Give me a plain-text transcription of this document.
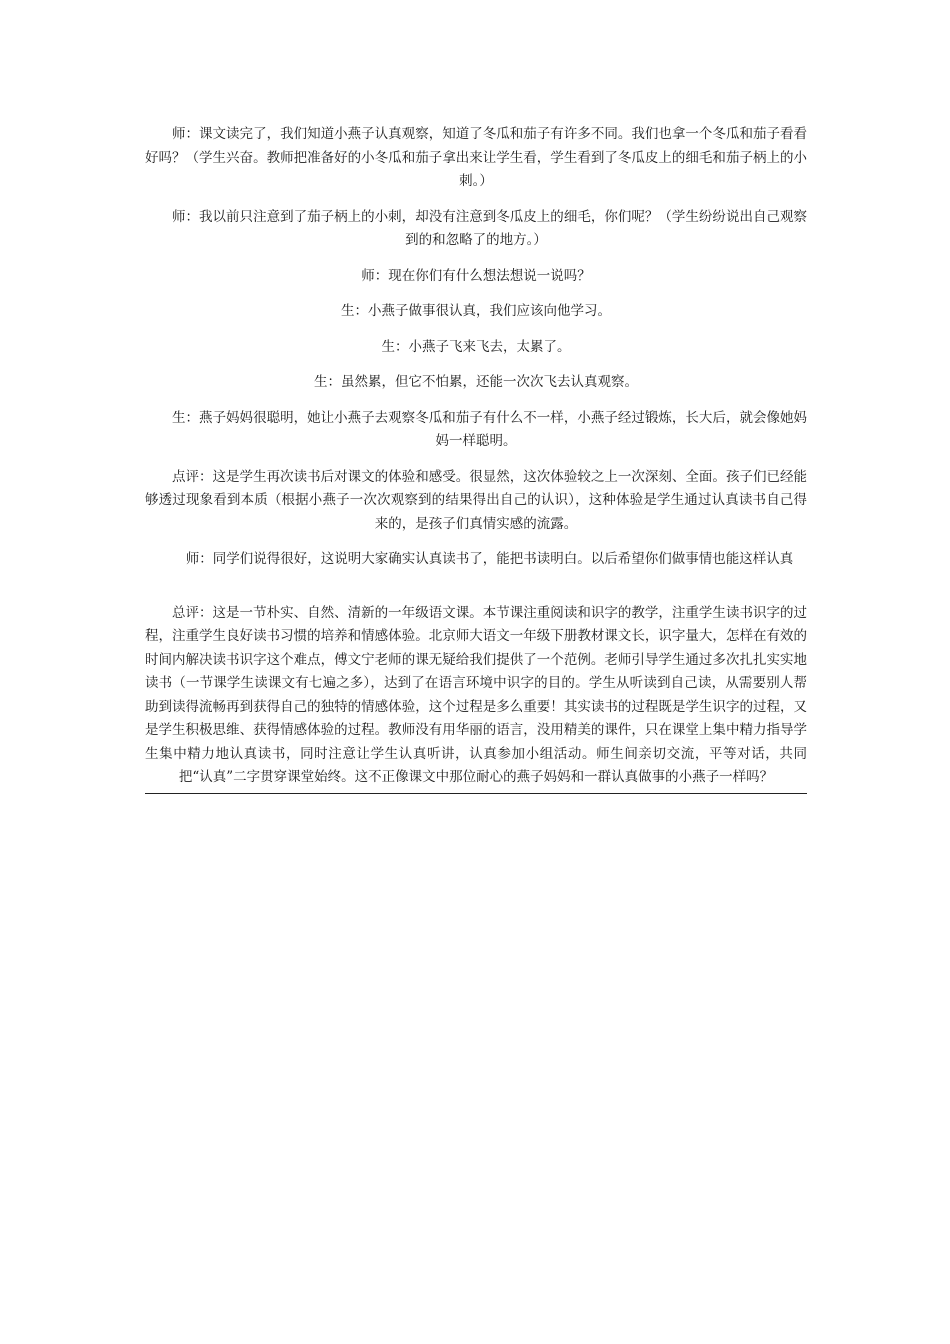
师：课文读完了，我们知道小燕子认真观察，知道了冬瓜和茄子有许多不同。我们也拿一个冬瓜和茄子看看好吗？（学生兴奋。教师把准备好的小冬瓜和茄子拿出来让学生看，学生看到了冬瓜皮上的细毛和茄子柄上的小刺。）

师：我以前只注意到了茄子柄上的小刺，却没有注意到冬瓜皮上的细毛，你们呢？（学生纷纷说出自己观察到的和忽略了的地方。）

师：现在你们有什么想法想说一说吗？

生：小燕子做事很认真，我们应该向他学习。

生：小燕子飞来飞去，太累了。

生：虽然累，但它不怕累，还能一次次飞去认真观察。

生：燕子妈妈很聪明，她让小燕子去观察冬瓜和茄子有什么不一样，小燕子经过锻炼，长大后，就会像她妈妈一样聪明。

点评：这是学生再次读书后对课文的体验和感受。很显然，这次体验较之上一次深刻、全面。孩子们已经能够透过现象看到本质（根据小燕子一次次观察到的结果得出自己的认识），这种体验是学生通过认真读书自己得来的，是孩子们真情实感的流露。

师：同学们说得很好，这说明大家确实认真读书了，能把书读明白。以后希望你们做事情也能这样认真

总评：这是一节朴实、自然、清新的一年级语文课。本节课注重阅读和识字的教学，注重学生读书识字的过程，注重学生良好读书习惯的培养和情感体验。北京师大语文一年级下册教材课文长，识字量大，怎样在有效的时间内解决读书识字这个难点，傅文宁老师的课无疑给我们提供了一个范例。老师引导学生通过多次扎扎实实地读书（一节课学生读课文有七遍之多），达到了在语言环境中识字的目的。学生从听读到自己读，从需要别人帮助到读得流畅再到获得自己的独特的情感体验，这个过程是多么重要！其实读书的过程既是学生识字的过程，又是学生积极思维、获得情感体验的过程。教师没有用华丽的语言，没用精美的课件，只在课堂上集中精力指导学生集中精力地认真读书，同时注意让学生认真听讲，认真参加小组活动。师生间亲切交流，平等对话，共同把“认真”二字贯穿课堂始终。这不正像课文中那位耐心的燕子妈妈和一群认真做事的小燕子一样吗？
